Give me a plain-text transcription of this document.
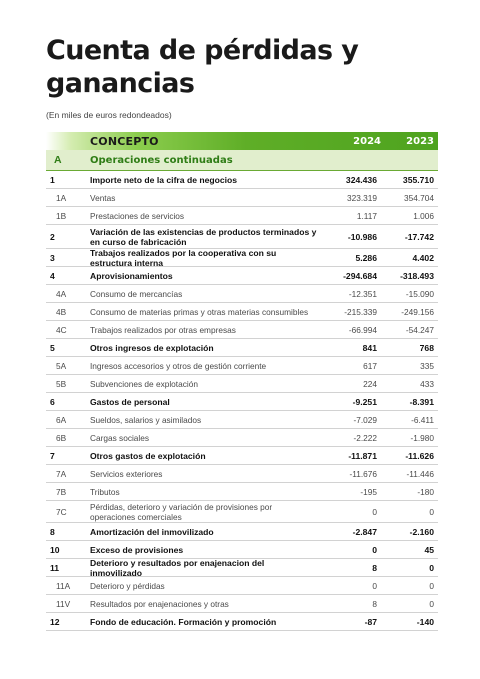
Cuenta de pérdidas y ganancias
(En miles de euros redondeados)
CONCEPTO	2024	2023
A	Operaciones continuadas
1	Importe neto de la cifra de negocios	324.436	355.710
1A	Ventas	323.319	354.704
1B	Prestaciones de servicios	1.117	1.006
2	Variación de las existencias de productos terminados y en curso de fabricación	-10.986	-17.742
3	Trabajos realizados por la cooperativa con su estructura interna	5.286	4.402
4	Aprovisionamientos	-294.684	-318.493
4A	Consumo de mercancías	-12.351	-15.090
4B	Consumo de materias primas y otras materias consumibles	-215.339	-249.156
4C	Trabajos realizados por otras empresas	-66.994	-54.247
5	Otros ingresos de explotación	841	768
5A	Ingresos accesorios y otros de gestión corriente	617	335
5B	Subvenciones de explotación	224	433
6	Gastos de personal	-9.251	-8.391
6A	Sueldos, salarios y asimilados	-7.029	-6.411
6B	Cargas sociales	-2.222	-1.980
7	Otros gastos de explotación	-11.871	-11.626
7A	Servicios exteriores	-11.676	-11.446
7B	Tributos	-195	-180
7C	Pérdidas, deterioro y variación de provisiones por operaciones comerciales	0	0
8	Amortización del inmovilizado	-2.847	-2.160
10	Exceso de provisiones	0	45
11	Deterioro y resultados por enajenacion del inmovilizado	8	0
11A	Deterioro y pérdidas	0	0
11V	Resultados por enajenaciones y otras	8	0
12	Fondo de educación. Formación y promoción	-87	-140
